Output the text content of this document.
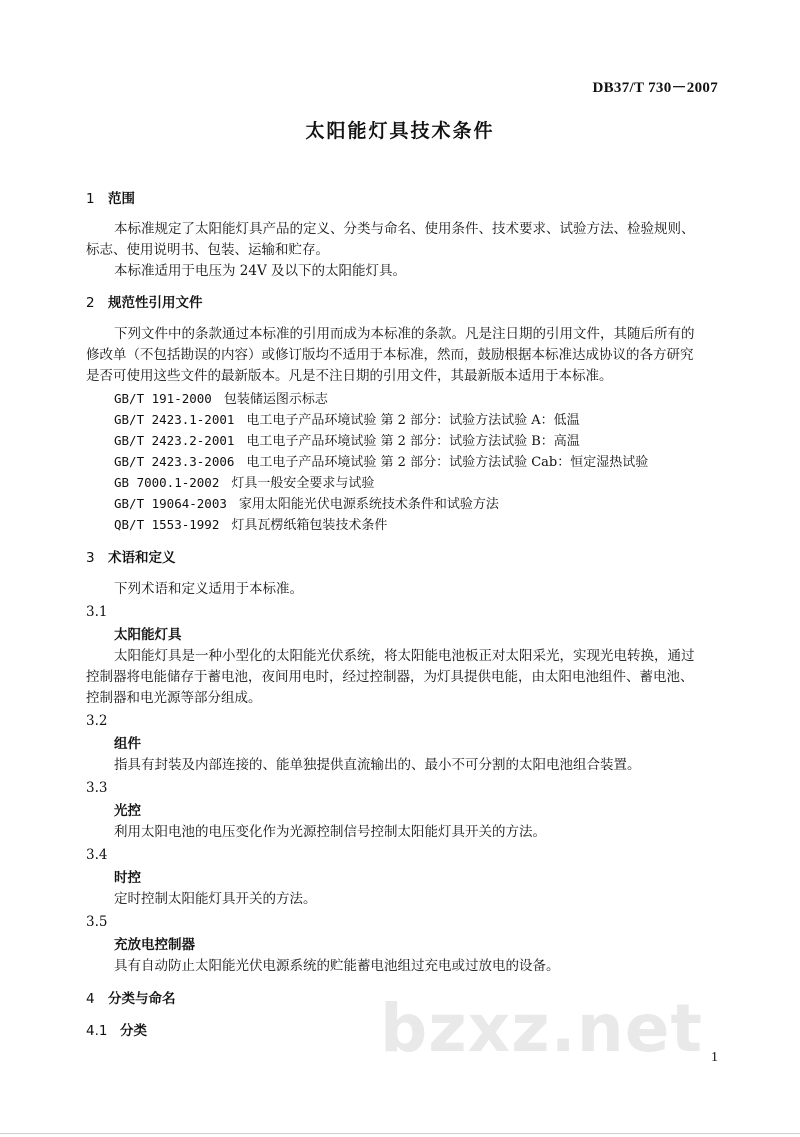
DB37/T 730－2007
太阳能灯具技术条件
1 范围
本标准规定了太阳能灯具产品的定义、分类与命名、使用条件、技术要求、试验方法、检验规则、
标志、使用说明书、包装、运输和贮存。
本标准适用于电压为 24V 及以下的太阳能灯具。
2 规范性引用文件
下列文件中的条款通过本标准的引用而成为本标准的条款。凡是注日期的引用文件，其随后所有的
修改单（不包括勘误的内容）或修订版均不适用于本标准，然而，鼓励根据本标准达成协议的各方研究
是否可使用这些文件的最新版本。凡是不注日期的引用文件，其最新版本适用于本标准。
GB/T 191-2000 包装储运图示标志
GB/T 2423.1-2001 电工电子产品环境试验 第 2 部分：试验方法试验 A：低温
GB/T 2423.2-2001 电工电子产品环境试验 第 2 部分：试验方法试验 B：高温
GB/T 2423.3-2006 电工电子产品环境试验 第 2 部分：试验方法试验 Cab：恒定湿热试验
GB 7000.1-2002 灯具一般安全要求与试验
GB/T 19064-2003 家用太阳能光伏电源系统技术条件和试验方法
QB/T 1553-1992 灯具瓦楞纸箱包装技术条件
3 术语和定义
下列术语和定义适用于本标准。
3.1
太阳能灯具
太阳能灯具是一种小型化的太阳能光伏系统，将太阳能电池板正对太阳采光，实现光电转换，通过
控制器将电能储存于蓄电池，夜间用电时，经过控制器，为灯具提供电能，由太阳电池组件、蓄电池、
控制器和电光源等部分组成。
3.2
组件
指具有封装及内部连接的、能单独提供直流输出的、最小不可分割的太阳电池组合装置。
3.3
光控
利用太阳电池的电压变化作为光源控制信号控制太阳能灯具开关的方法。
3.4
时控
定时控制太阳能灯具开关的方法。
3.5
充放电控制器
具有自动防止太阳能光伏电源系统的贮能蓄电池组过充电或过放电的设备。
4 分类与命名
4.1 分类	bzxz.net 1
